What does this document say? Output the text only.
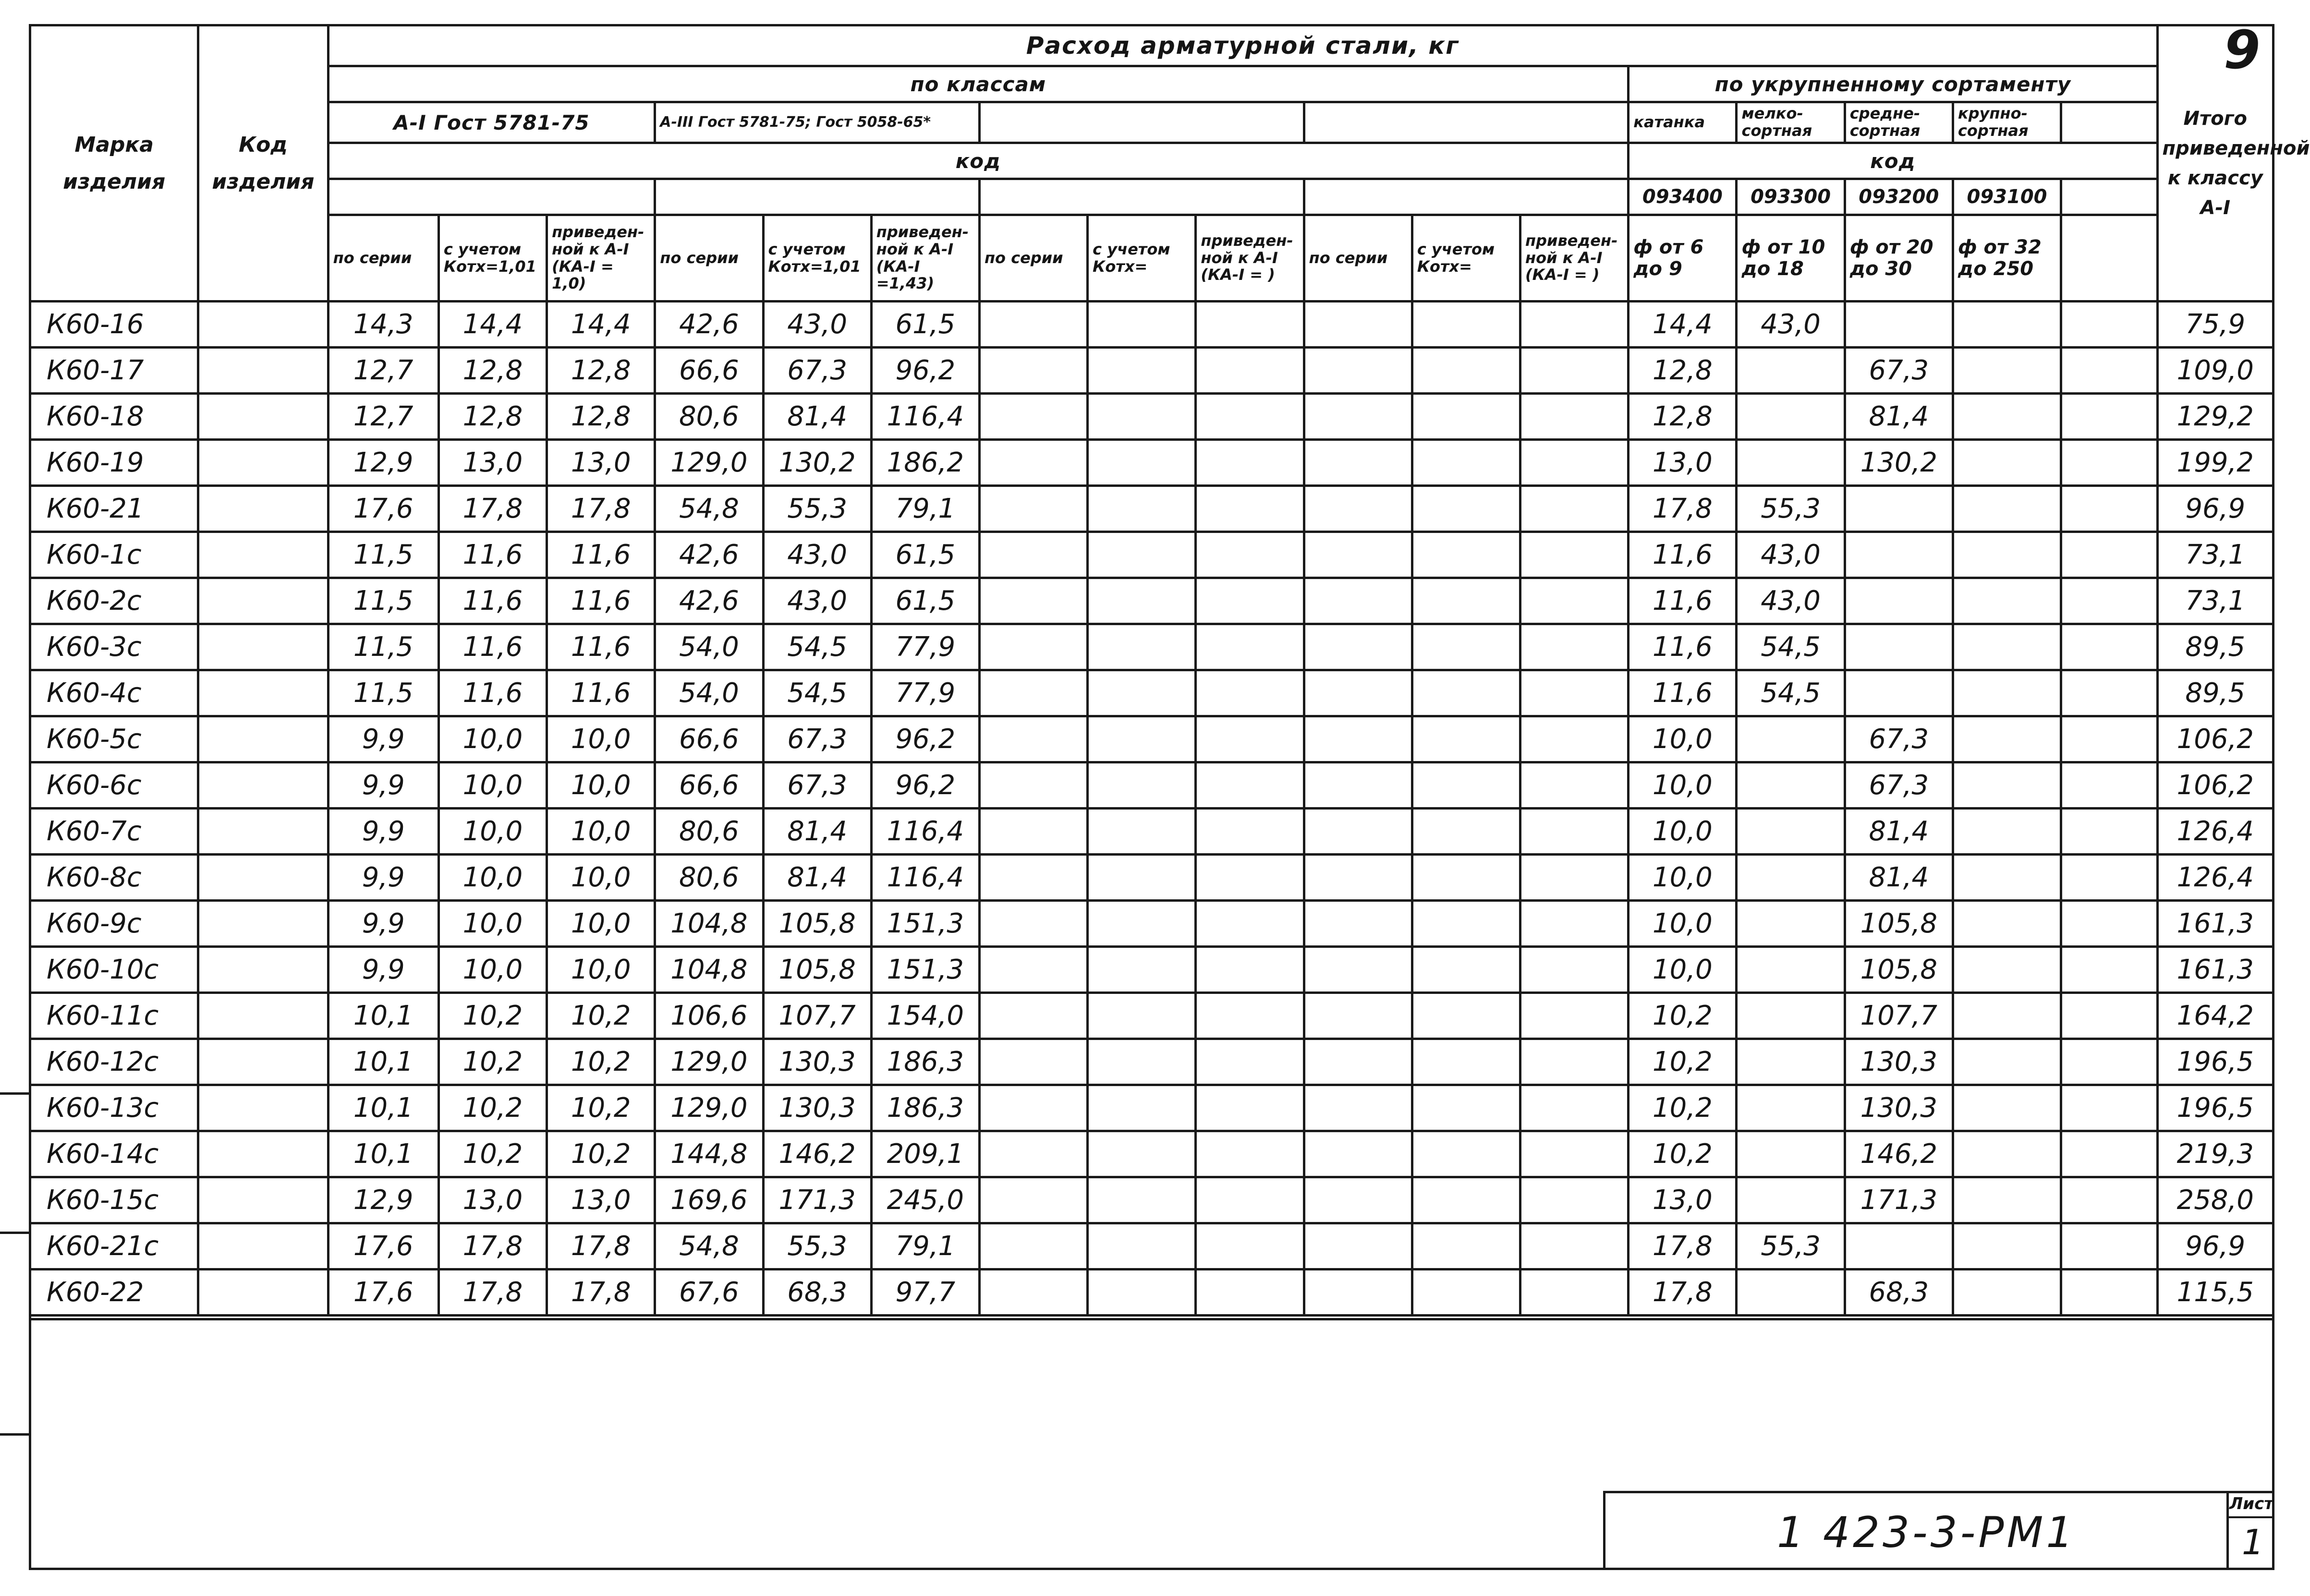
9
Марка изделия	Код изделия	Расход арматурной стали, кг																	Итого приведенной к классу А-I
		по классам												по укрупненному сортаменту					
		А-I Гост 5781-75			А-III Гост 5781-75; Гост 5058-65*									катанка	мелко-сортная	средне-сортная	крупно-сортная		
		код												код					
														093400	093300	093200	093100		
		по серии	с учетом Котх=1,01	приведенной к А-I (КА-I = 1,0)	по серии	с учетом Котх=1,01	приведенной к А-I (КА-I =1,43)	по серии	с учетом Котх=	приведенной к А-I (КА-I = )	по серии	с учетом Котх=	приведенной к А-I (КА-I = )	ф от 6 до 9	ф от 10 до 18	ф от 20 до 30	ф от 32 до 250		
К60-16		14,3	14,4	14,4	42,6	43,0	61,5							14,4	43,0				75,9
К60-17		12,7	12,8	12,8	66,6	67,3	96,2							12,8		67,3			109,0
К60-18		12,7	12,8	12,8	80,6	81,4	116,4							12,8		81,4			129,2
К60-19		12,9	13,0	13,0	129,0	130,2	186,2							13,0		130,2			199,2
К60-21		17,6	17,8	17,8	54,8	55,3	79,1							17,8	55,3				96,9
К60-1с		11,5	11,6	11,6	42,6	43,0	61,5							11,6	43,0				73,1
К60-2с		11,5	11,6	11,6	42,6	43,0	61,5							11,6	43,0				73,1
К60-3с		11,5	11,6	11,6	54,0	54,5	77,9							11,6	54,5				89,5
К60-4с		11,5	11,6	11,6	54,0	54,5	77,9							11,6	54,5				89,5
К60-5с		9,9	10,0	10,0	66,6	67,3	96,2							10,0		67,3			106,2
К60-6с		9,9	10,0	10,0	66,6	67,3	96,2							10,0		67,3			106,2
К60-7с		9,9	10,0	10,0	80,6	81,4	116,4							10,0		81,4			126,4
К60-8с		9,9	10,0	10,0	80,6	81,4	116,4							10,0		81,4			126,4
К60-9с		9,9	10,0	10,0	104,8	105,8	151,3							10,0		105,8			161,3
К60-10с		9,9	10,0	10,0	104,8	105,8	151,3							10,0		105,8			161,3
К60-11с		10,1	10,2	10,2	106,6	107,7	154,0							10,2		107,7			164,2
К60-12с		10,1	10,2	10,2	129,0	130,3	186,3							10,2		130,3			196,5
К60-13с		10,1	10,2	10,2	129,0	130,3	186,3							10,2		130,3			196,5
К60-14с		10,1	10,2	10,2	144,8	146,2	209,1							10,2		146,2			219,3
К60-15с		12,9	13,0	13,0	169,6	171,3	245,0							13,0		171,3			258,0
К60-21с		17,6	17,8	17,8	54,8	55,3	79,1							17,8	55,3				96,9
К60-22		17,6	17,8	17,8	67,6	68,3	97,7							17,8		68,3			115,5
1 423-3-РМ1
Лист
1
